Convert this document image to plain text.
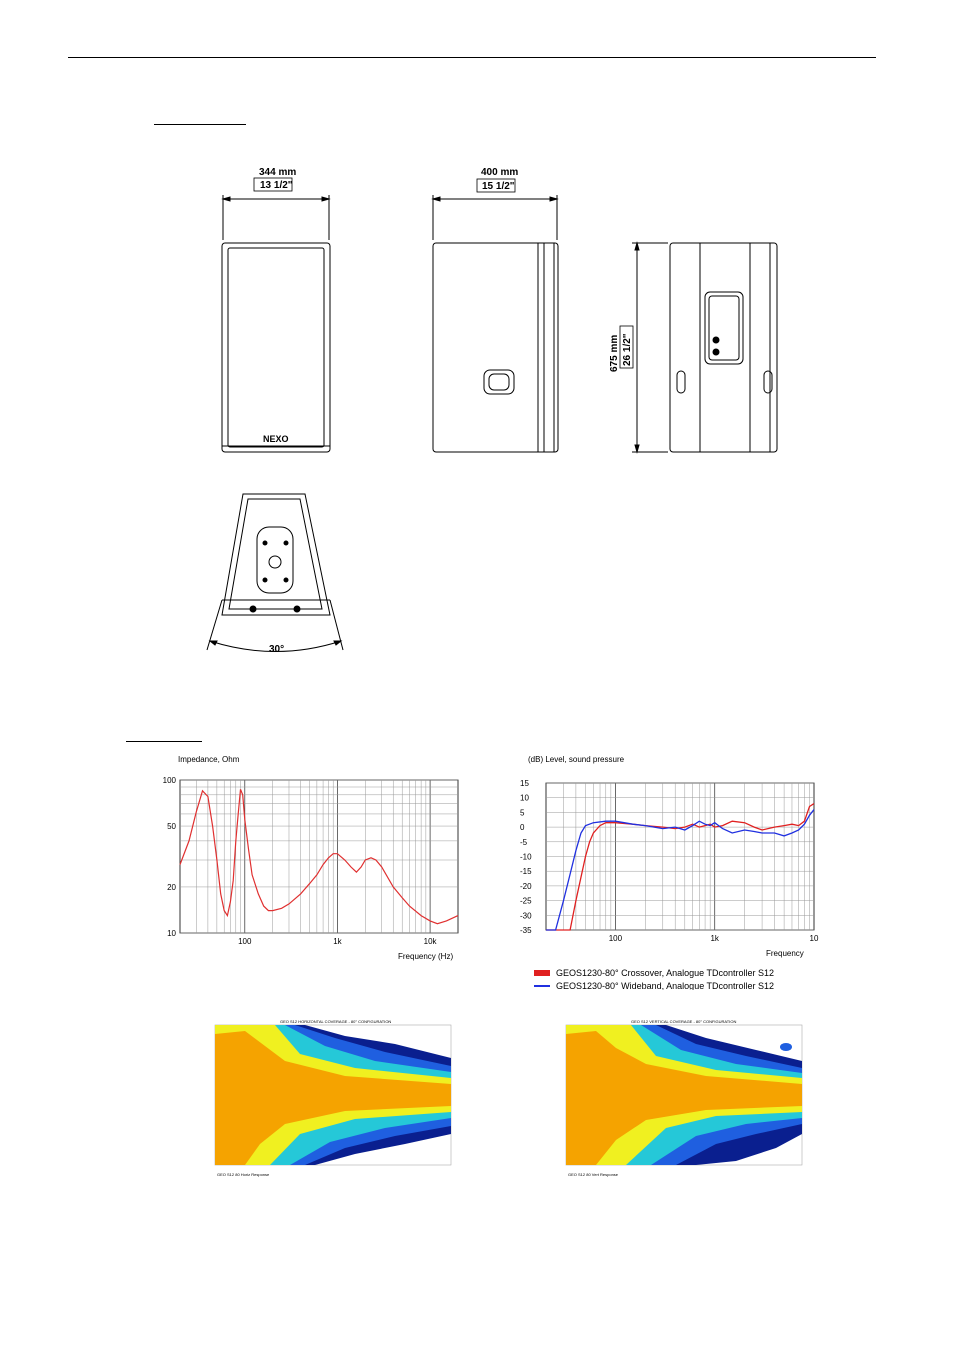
344 mm
13 1/2"
400 mm
15 1/2"
675 mm 26 1/2"
30°
NEXO
Impedance, Ohm
100
50
20
10
100	1k	10k
Frequency (Hz)
(dB) Level, sound pressure
15
10
5
0
-5
-10
-15
-20
-25
-30
-35
100	1k	10
Frequency
GEOS1230-80° Crossover, Analogue TDcontroller S12
GEOS1230-80° Wideband, Analogue TDcontroller S12
GEO S12 HORIZONTAL COVERAGE - 80° CONFIGURATION
GEO S12 80 Horiz Response
GEO S12 VERTICAL COVERAGE - 80° CONFIGURATION
GEO S12 80 Vert Response
